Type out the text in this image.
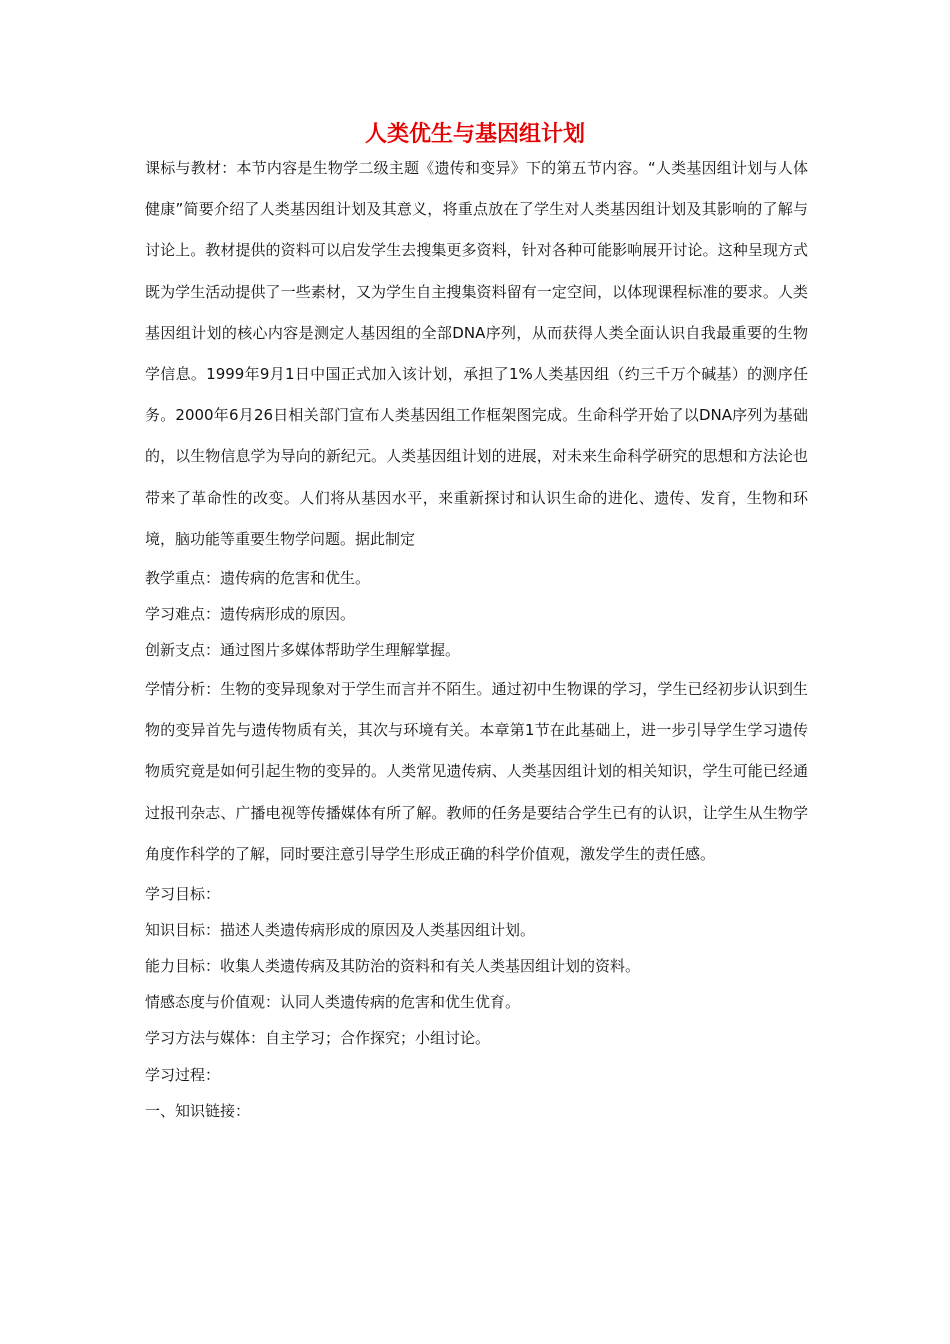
人类优生与基因组计划

课标与教材：本节内容是生物学二级主题《遗传和变异》下的第五节内容。“人类基因组计划与人体健康”简要介绍了人类基因组计划及其意义，将重点放在了学生对人类基因组计划及其影响的了解与讨论上。教材提供的资料可以启发学生去搜集更多资料，针对各种可能影响展开讨论。这种呈现方式既为学生活动提供了一些素材，又为学生自主搜集资料留有一定空间，以体现课程标准的要求。人类基因组计划的核心内容是测定人基因组的全部DNA序列，从而获得人类全面认识自我最重要的生物学信息。1999年9月1日中国正式加入该计划，承担了1%人类基因组（约三千万个碱基）的测序任务。2000年6月26日相关部门宣布人类基因组工作框架图完成。生命科学开始了以DNA序列为基础的，以生物信息学为导向的新纪元。人类基因组计划的进展，对未来生命科学研究的思想和方法论也带来了革命性的改变。人们将从基因水平，来重新探讨和认识生命的进化、遗传、发育，生物和环境，脑功能等重要生物学问题。据此制定

教学重点：遗传病的危害和优生。

学习难点：遗传病形成的原因。

创新支点：通过图片多媒体帮助学生理解掌握。

学情分析：生物的变异现象对于学生而言并不陌生。通过初中生物课的学习，学生已经初步认识到生物的变异首先与遗传物质有关，其次与环境有关。本章第1节在此基础上，进一步引导学生学习遗传物质究竟是如何引起生物的变异的。人类常见遗传病、人类基因组计划的相关知识，学生可能已经通过报刊杂志、广播电视等传播媒体有所了解。教师的任务是要结合学生已有的认识，让学生从生物学角度作科学的了解，同时要注意引导学生形成正确的科学价值观，激发学生的责任感。

学习目标：

知识目标：描述人类遗传病形成的原因及人类基因组计划。

能力目标：收集人类遗传病及其防治的资料和有关人类基因组计划的资料。

情感态度与价值观：认同人类遗传病的危害和优生优育。

学习方法与媒体：自主学习；合作探究；小组讨论。

学习过程：

一、知识链接：
